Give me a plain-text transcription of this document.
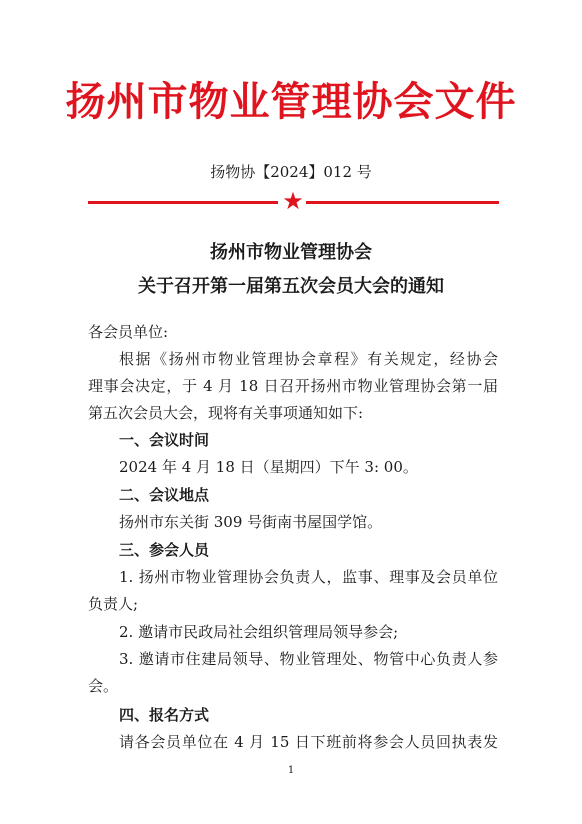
扬州市物业管理协会文件
扬物协【2024】012 号
★
扬州市物业管理协会
关于召开第一届第五次会员大会的通知
各会员单位:
根据《扬州市物业管理协会章程》有关规定，经协会
理事会决定，于 4 月 18 日召开扬州市物业管理协会第一届
第五次会员大会，现将有关事项通知如下:
一、会议时间
2024 年 4 月 18 日（星期四）下午 3: 00。
二、会议地点
扬州市东关街 309 号街南书屋国学馆。
三、参会人员
1. 扬州市物业管理协会负责人，监事、理事及会员单位
负责人;
2. 邀请市民政局社会组织管理局领导参会;
3. 邀请市住建局领导、物业管理处、物管中心负责人参
会。
四、报名方式
请各会员单位在 4 月 15 日下班前将参会人员回执表发
1
